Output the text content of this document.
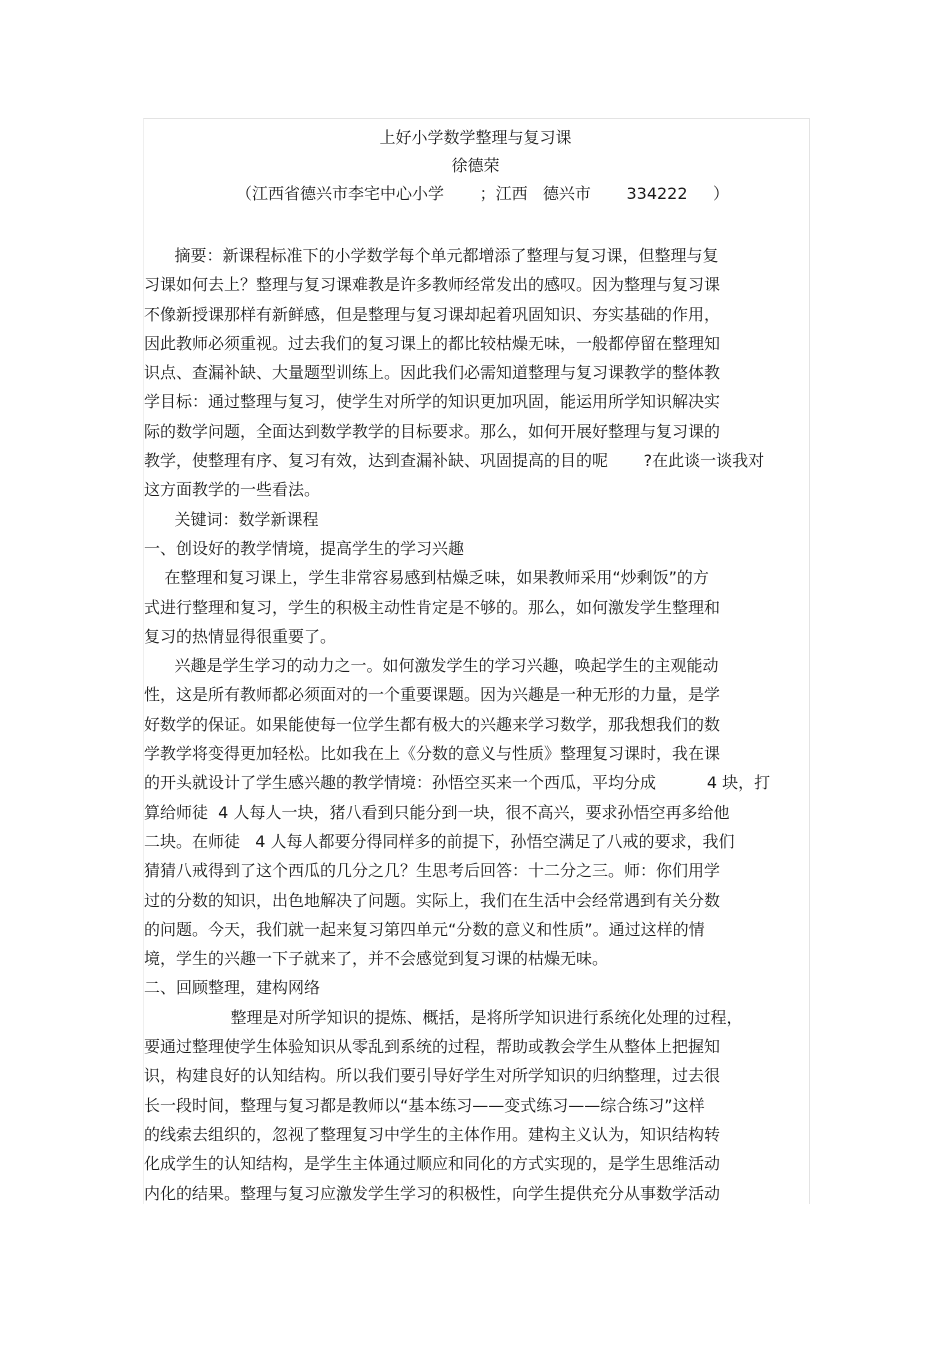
上好小学数学整理与复习课
徐德荣
（江西省德兴市李宅中心小学       ；江西   德兴市       334222     ）
摘要：新课程标准下的小学数学每个单元都增添了整理与复习课，但整理与复
习课如何去上？整理与复习课难教是许多教师经常发出的感叹。因为整理与复习课
不像新授课那样有新鲜感，但是整理与复习课却起着巩固知识、夯实基础的作用，
因此教师必须重视。过去我们的复习课上的都比较枯燥无味，一般都停留在整理知
识点、查漏补缺、大量题型训练上。因此我们必需知道整理与复习课教学的整体教
学目标：通过整理与复习，使学生对所学的知识更加巩固，能运用所学知识解决实
际的数学问题，全面达到数学教学的目标要求。那么，如何开展好整理与复习课的
教学，使整理有序、复习有效，达到查漏补缺、巩固提高的目的呢       ?在此谈一谈我对
这方面教学的一些看法。
关键词：数学新课程
一、创设好的教学情境，提高学生的学习兴趣
在整理和复习课上，学生非常容易感到枯燥乏味，如果教师采用“炒剩饭”的方
式进行整理和复习，学生的积极主动性肯定是不够的。那么，如何激发学生整理和
复习的热情显得很重要了。
兴趣是学生学习的动力之一。如何激发学生的学习兴趣，唤起学生的主观能动
性，这是所有教师都必须面对的一个重要课题。因为兴趣是一种无形的力量，是学
好数学的保证。如果能使每一位学生都有极大的兴趣来学习数学，那我想我们的数
学教学将变得更加轻松。比如我在上《分数的意义与性质》整理复习课时，我在课
的开头就设计了学生感兴趣的教学情境：孙悟空买来一个西瓜，平均分成          4 块，打
算给师徒  4 人每人一块，猪八看到只能分到一块，很不高兴，要求孙悟空再多给他
二块。在师徒   4 人每人都要分得同样多的前提下，孙悟空满足了八戒的要求，我们
猜猜八戒得到了这个西瓜的几分之几？生思考后回答：十二分之三。师：你们用学
过的分数的知识，出色地解决了问题。实际上，我们在生活中会经常遇到有关分数
的问题。今天，我们就一起来复习第四单元“分数的意义和性质”。通过这样的情
境，学生的兴趣一下子就来了，并不会感觉到复习课的枯燥无味。
二、回顾整理，建构网络
整理是对所学知识的提炼、概括，是将所学知识进行系统化处理的过程，
要通过整理使学生体验知识从零乱到系统的过程，帮助或教会学生从整体上把握知
识，构建良好的认知结构。所以我们要引导好学生对所学知识的归纳整理，过去很
长一段时间，整理与复习都是教师以“基本练习——变式练习——综合练习”这样
的线索去组织的，忽视了整理复习中学生的主体作用。建构主义认为，知识结构转
化成学生的认知结构，是学生主体通过顺应和同化的方式实现的，是学生思维活动
内化的结果。整理与复习应激发学生学习的积极性，向学生提供充分从事数学活动
